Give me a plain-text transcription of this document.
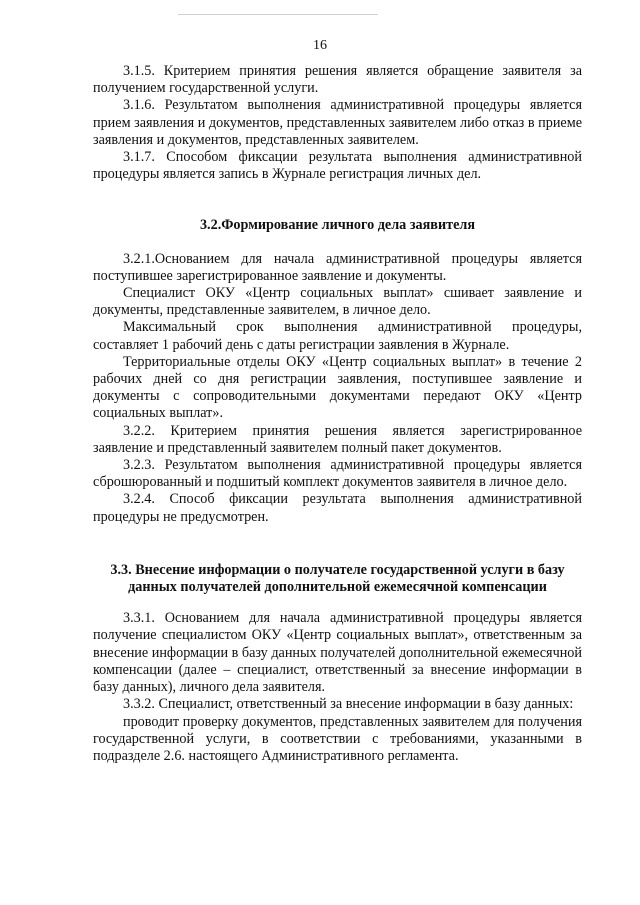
16

3.1.5. Критерием принятия решения является обращение заявителя за получением государственной услуги.

3.1.6. Результатом выполнения административной процедуры является прием заявления и документов, представленных заявителем либо отказ в приеме заявления и документов, представленных заявителем.

3.1.7. Способом фиксации результата выполнения административной процедуры является запись в Журнале регистрация личных дел.

3.2.Формирование личного дела заявителя

3.2.1.Основанием для начала административной процедуры является поступившее зарегистрированное заявление и документы.

Специалист ОКУ «Центр социальных выплат» сшивает заявление и документы, представленные заявителем, в личное дело.

Максимальный срок выполнения административной процедуры, составляет 1 рабочий день с даты регистрации заявления в Журнале.

Территориальные отделы ОКУ «Центр социальных выплат» в течение 2 рабочих дней со дня регистрации заявления, поступившее заявление и документы с сопроводительными документами передают ОКУ «Центр социальных выплат».

3.2.2. Критерием принятия решения является зарегистрированное заявление и представленный заявителем полный пакет документов.

3.2.3. Результатом выполнения административной процедуры является сброшюрованный и подшитый комплект документов заявителя в личное дело.

3.2.4. Способ фиксации результата выполнения административной процедуры не предусмотрен.

3.3. Внесение информации о получателе государственной услуги в базу данных получателей дополнительной ежемесячной компенсации

3.3.1. Основанием для начала административной процедуры является получение специалистом ОКУ «Центр социальных выплат», ответственным за внесение информации в базу данных получателей дополнительной ежемесячной компенсации (далее – специалист, ответственный за внесение информации в базу данных), личного дела заявителя.

3.3.2. Специалист, ответственный за внесение информации в базу данных:

проводит проверку документов, представленных заявителем для получения государственной услуги, в соответствии с требованиями, указанными в подразделе 2.6. настоящего Административного регламента.
